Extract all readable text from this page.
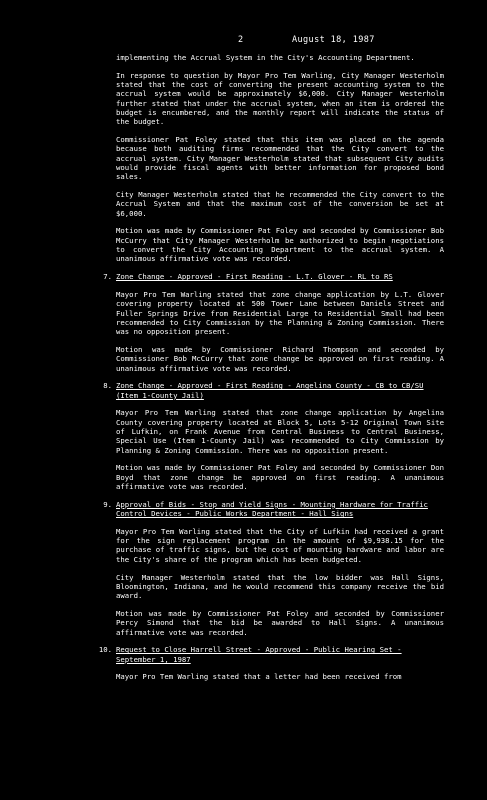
2	August 18, 1987

implementing the Accrual System in the City's Accounting Department.

In response to question by Mayor Pro Tem Warling, City Manager Westerholm stated that the cost of converting the present accounting system to the accrual system would be approximately $6,000. City Manager Westerholm further stated that under the accrual system, when an item is ordered the budget is encumbered, and the monthly report will indicate the status of the budget.

Commissioner Pat Foley stated that this item was placed on the agenda because both auditing firms recommended that the City convert to the accrual system. City Manager Westerholm stated that subsequent City audits would provide fiscal agents with better information for proposed bond sales.

City Manager Westerholm stated that he recommended the City convert to the Accrual System and that the maximum cost of the conversion be set at $6,000.

Motion was made by Commissioner Pat Foley and seconded by Commissioner Bob McCurry that City Manager Westerholm be authorized to begin negotiations to convert the City Accounting Department to the accrual system. A unanimous affirmative vote was recorded.

7. Zone Change - Approved - First Reading - L.T. Glover - RL to RS

Mayor Pro Tem Warling stated that zone change application by L.T. Glover covering property located at 500 Tower Lane between Daniels Street and Fuller Springs Drive from Residential Large to Residential Small had been recommended to City Commission by the Planning & Zoning Commission. There was no opposition present.

Motion was made by Commissioner Richard Thompson and seconded by Commissioner Bob McCurry that zone change be approved on first reading. A unanimous affirmative vote was recorded.

8. Zone Change - Approved - First Reading - Angelina County - CB to CB/SU (Item 1-County Jail)

Mayor Pro Tem Warling stated that zone change application by Angelina County covering property located at Block 5, Lots 5-12 Original Town Site of Lufkin, on Frank Avenue from Central Business to Central Business, Special Use (Item 1-County Jail) was recommended to City Commission by Planning & Zoning Commission. There was no opposition present.

Motion was made by Commissioner Pat Foley and seconded by Commissioner Don Boyd that zone change be approved on first reading. A unanimous affirmative vote was recorded.

9. Approval of Bids - Stop and Yield Signs - Mounting Hardware for Traffic Control Devices - Public Works Department - Hall Signs

Mayor Pro Tem Warling stated that the City of Lufkin had received a grant for the sign replacement program in the amount of $9,938.15 for the purchase of traffic signs, but the cost of mounting hardware and labor are the City's share of the program which has been budgeted.

City Manager Westerholm stated that the low bidder was Hall Signs, Bloomington, Indiana, and he would recommend this company receive the bid award.

Motion was made by Commissioner Pat Foley and seconded by Commissioner Percy Simond that the bid be awarded to Hall Signs. A unanimous affirmative vote was recorded.

10. Request to Close Harrell Street - Approved - Public Hearing Set - September 1, 1987

Mayor Pro Tem Warling stated that a letter had been received from
